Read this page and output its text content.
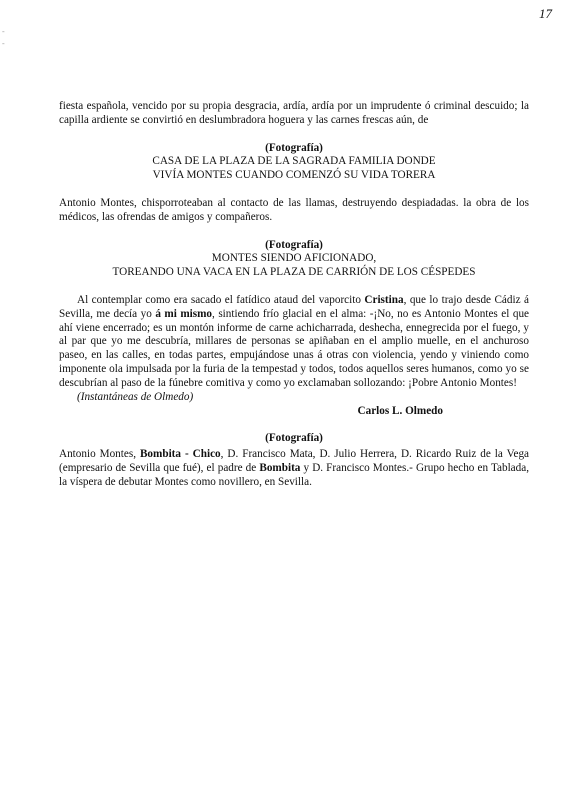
17
-
-

fiesta española, vencido por su propia desgracia, ardía, ardía por un imprudente ó criminal descuido; la capilla ardiente se convirtió en deslumbradora hoguera y las carnes frescas aún, de

(Fotografía)
CASA DE LA PLAZA DE LA SAGRADA FAMILIA DONDE
VIVÍA MONTES CUANDO COMENZÓ SU VIDA TORERA

Antonio Montes, chisporroteaban al contacto de las llamas, destruyendo despiadadas. la obra de los médicos, las ofrendas de amigos y compañeros.

(Fotografía)
MONTES SIENDO AFICIONADO,
TOREANDO UNA VACA EN LA PLAZA DE CARRIÓN DE LOS CÉSPEDES

Al contemplar como era sacado el fatídico ataud del vaporcito Cristina, que lo trajo desde Cádiz á Sevilla, me decía yo á mi mismo, sintiendo frío glacial en el alma: -¡No, no es Antonio Montes el que ahí viene encerrado; es un montón informe de carne achicharrada, deshecha, ennegrecida por el fuego, y al par que yo me descubría, millares de personas se apiñaban en el amplio muelle, en el anchuroso paseo, en las calles, en todas partes, empujándose unas á otras con violencia, yendo y viniendo como imponente ola impulsada por la furia de la tempestad y todos, todos aquellos seres humanos, como yo se descubrían al paso de la fúnebre comitiva y como yo exclamaban sollozando: ¡Pobre Antonio Montes!

(Instantáneas de Olmedo)
Carlos L. Olmedo
(Fotografía)

Antonio Montes, Bombita - Chico, D. Francisco Mata, D. Julio Herrera, D. Ricardo Ruiz de la Vega (empresario de Sevilla que fué), el padre de Bombita y D. Francisco Montes.- Grupo hecho en Tablada, la víspera de debutar Montes como novillero, en Sevilla.
